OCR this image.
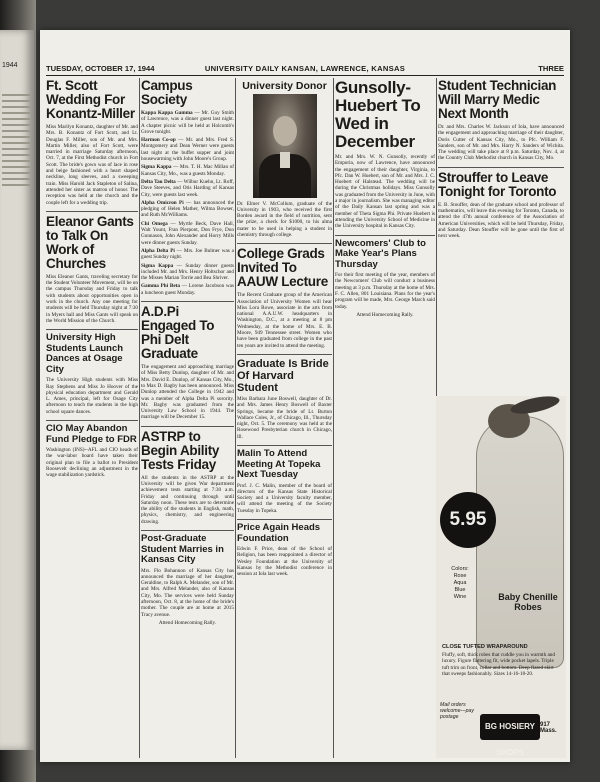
1944	TUESDAY, OCTOBER 17, 1944	UNIVERSITY DAILY KANSAN, LAWRENCE, KANSAS	THREE
Ft. Scott Wedding For Konantz-Miller

Miss Marilyn Konantz, daughter of Mr. and Mrs. B. Konantz of Fort Scott, and Lt. Douglas F. Miller, son of Mr. and Mrs. Martin Miller, also of Fort Scott, were married in marriage Saturday afternoon, Oct. 7, at the First Methodist church in Fort Scott. The bride's gown was of lace in rose and beige fashioned with a heart shaped neckline, long sleeves, and a sweeping train. Miss Harold Jack Stapleton of Salina, attended her sister as matron of honor. The reception was held at the church and the couple left for a wedding trip.

Eleanor Gants to Talk On Work of Churches

Miss Eleanor Gants, traveling secretary for the Student Volunteer Movement, will be on the campus Thursday and Friday to talk with students about opportunities open in work in the church. Any one meeting for students will be held Thursday night at 7:30 in Myers hall and Miss Gants will speak on the World Mission of the Church.

University High Students Launch Dances at Osage City

The University High students with Miss Ray Stephens and Miss Jo Hoover of the physical education department and Gerald L. Ames, principal, left for Osage City afternoon to teach the students in the high school square dances.

CIO May Abandon Fund Pledge to FDR

Washington (INS)--AFL and CIO heads of the war-labor board have taken their original plan to file a ballot to President Roosevelt declining an adjustment in the wage stabilization yardstick.

Campus Society

Kappa Kappa Gamma — Mr. Guy Smith of Lawrence, was a dinner guest last night. A chapter picnic will be held at Holcomb's Grove tonight.

Harmon Co-op — Mr. and Mrs. Fred S. Montgomery and Dean Werner were guests last night at the buffet supper and joint housewarming with John Moore's Group.

Sigma Kappa — Mrs. T. H. Mac Millan of Kansas City, Mo., was a guests Monday.

Delta Tau Delta — Wilbur Kuehn, Lt. Roff, Dave Steeves, and Otis Harding of Kansas City, were guests last week.

Alpha Omicron Pi — has announced the pledging of Helen Mather, Wilma Bowser, and Ruth McWilliams.

Chi Omega — Myrtle Beck, Dave Hall, Walt Yount, Fran Pierpont, Don Frye, Don Gunnason, John Alexander and Horry Mills were dinner guests Sunday.

Alpha Delta Pi — Mrs. Joe Bulmer was a guest Sunday night.

Sigma Kappa — Sunday dinner guests included Mr. and Mrs. Henry Holtschor and the Misses Marian Torrie and Bea Shriver.

Gamma Phi Beta — Lorene Jacobson was a luncheon guest Monday.

A.D.Pi Engaged To Phi Delt Graduate

The engagement and approaching marriage of Miss Betty Dunlop, daughter of Mr. and Mrs. David E. Dunlop, of Kansas City, Mo., to Max D. Bagby has been announced. Miss Dunlop attended the College in 1942 and was a member of Alpha Delta Pi sorority. Mr. Bagby was graduated from the University Law School in 1944. The marriage will be December 15.

ASTRP to Begin Ability Tests Friday

All the students in the ASTRP at the University will be given War department achievement tests starting at 7:30 a.m. Friday and continuing through until Saturday noon. These tests are to determine the ability of the students in English, math, physics, chemistry, and engineering drawing.

Post-Graduate Student Marries in Kansas City

Mrs. Flo Bohannon of Kansas City has announced the marriage of her daughter, Geraldine, to Ralph A. Melander, son of Mr. and Mrs. Alfred Melander, also of Kansas City, Mo. The services were held Sunday afternoon, Oct. 8, at the home of the bride's mother. The couple are at home at 2015 Tracy avenue.

Attend Homecoming Rally.

University Donor

Dr. Elmer V. McCollum, graduate of the University in 1903, who received the first Borden award in the field of nutrition, sent the prize, a check for $1000, to his alma mater to be used in helping a student in chemistry through college.

College Grads Invited To AAUW Lecture

The Recent Graduate group of the American Association of University Women will hear Miss Lora Rowe, associate in the arts from national A.A.U.W. headquarters in Washington, D.C., at a meeting at 8 pm Wednesday, at the home of Mrs. E. B. Moore, 949 Tennessee street. Women who have been graduated from college in the past ten years are invited to attend the meeting.

Graduate Is Bride Of Harvard Student

Miss Barbara June Boswell, daughter of Dr. and Mrs. James Henry Boswell of Baxter Springs, became the bride of Lt. Burton Wallace Coles, Jr., of Chicago, Ill., Thursday night, Oct. 5. The ceremony was held at the Rosewood Presbyterian church in Chicago, Ill.

Malin To Attend Meeting At Topeka Next Tuesday

Prof. J. C. Malin, member of the board of directors of the Kansas State Historical Society and a University faculty member, will attend the meeting of the Society Tuesday in Topeka.

Price Again Heads Foundation

Edwin F. Price, dean of the School of Religion, has been reappointed a director of Wesley Foundation at the University of Kansas by the Methodist conference in session at Iola last week.

Gunsolly-Huebert To Wed in December

Mr. and Mrs. W. N. Gunsolly, recently of Emporia, now of Lawrence, have announced the engagement of their daughter, Virginia, to Pfc. Dan W. Huebert, son of Mr. and Mrs. J. C. Huebert of Halstead. The wedding will be during the Christmas holidays. Miss Gunsolly was graduated from the University in June, with a major in journalism. She was managing editor of the Daily Kansan last spring and was a member of Theta Sigma Phi. Private Huebert is attending the University School of Medicine in the University hospital in Kansas City.

Newcomers' Club to Make Year's Plans Thursday

For their first meeting of the year, members of the Newcomers' Club will conduct a business meeting at 3 p.m. Thursday at the home of Mrs. F. C. Allen, 801 Louisiana. Plans for the year's program will be made, Mrs. George March said today.

Attend Homecoming Rally.

Student Technician Will Marry Medic Next Month

Dr. and Mrs. Charles W. Jackson of Iola, have announced the engagement and approaching marriage of their daughter, Doris Cutter of Kansas City, Mo., to Pfc. William F. Sanders, son of Mr. and Mrs. Harry N. Sanders of Wichita. The wedding will take place at 8 p.m. Saturday, Nov. 4, at the Country Club Methodist church in Kansas City, Mo.

Strouffer to Leave Tonight for Toronto

E. B. Stouffer, dean of the graduate school and professor of mathematics, will leave this evening for Toronto, Canada, to attend the 47th annual conference of the Association of American Universities, which will be held Thursday, Friday, and Saturday. Dean Stouffer will be gone until the first of next week.

5.95
Colors:
Rose
Aqua
Blue
Wine	Baby Chenille Robes
CLOSE TUFTED WRAPAROUND
Fluffy, soft, thick robes that cuddle you in warmth and luxury. Figure flattering fit, wide pocket lapels. Triple tuft trim on front, collar and bottom. Deep flared skirt that sweeps fashionably. Sizes 14-16-18-20.
Mail orders welcome---pay postage
BG HOSIERY SHOPS
917 Mass.
